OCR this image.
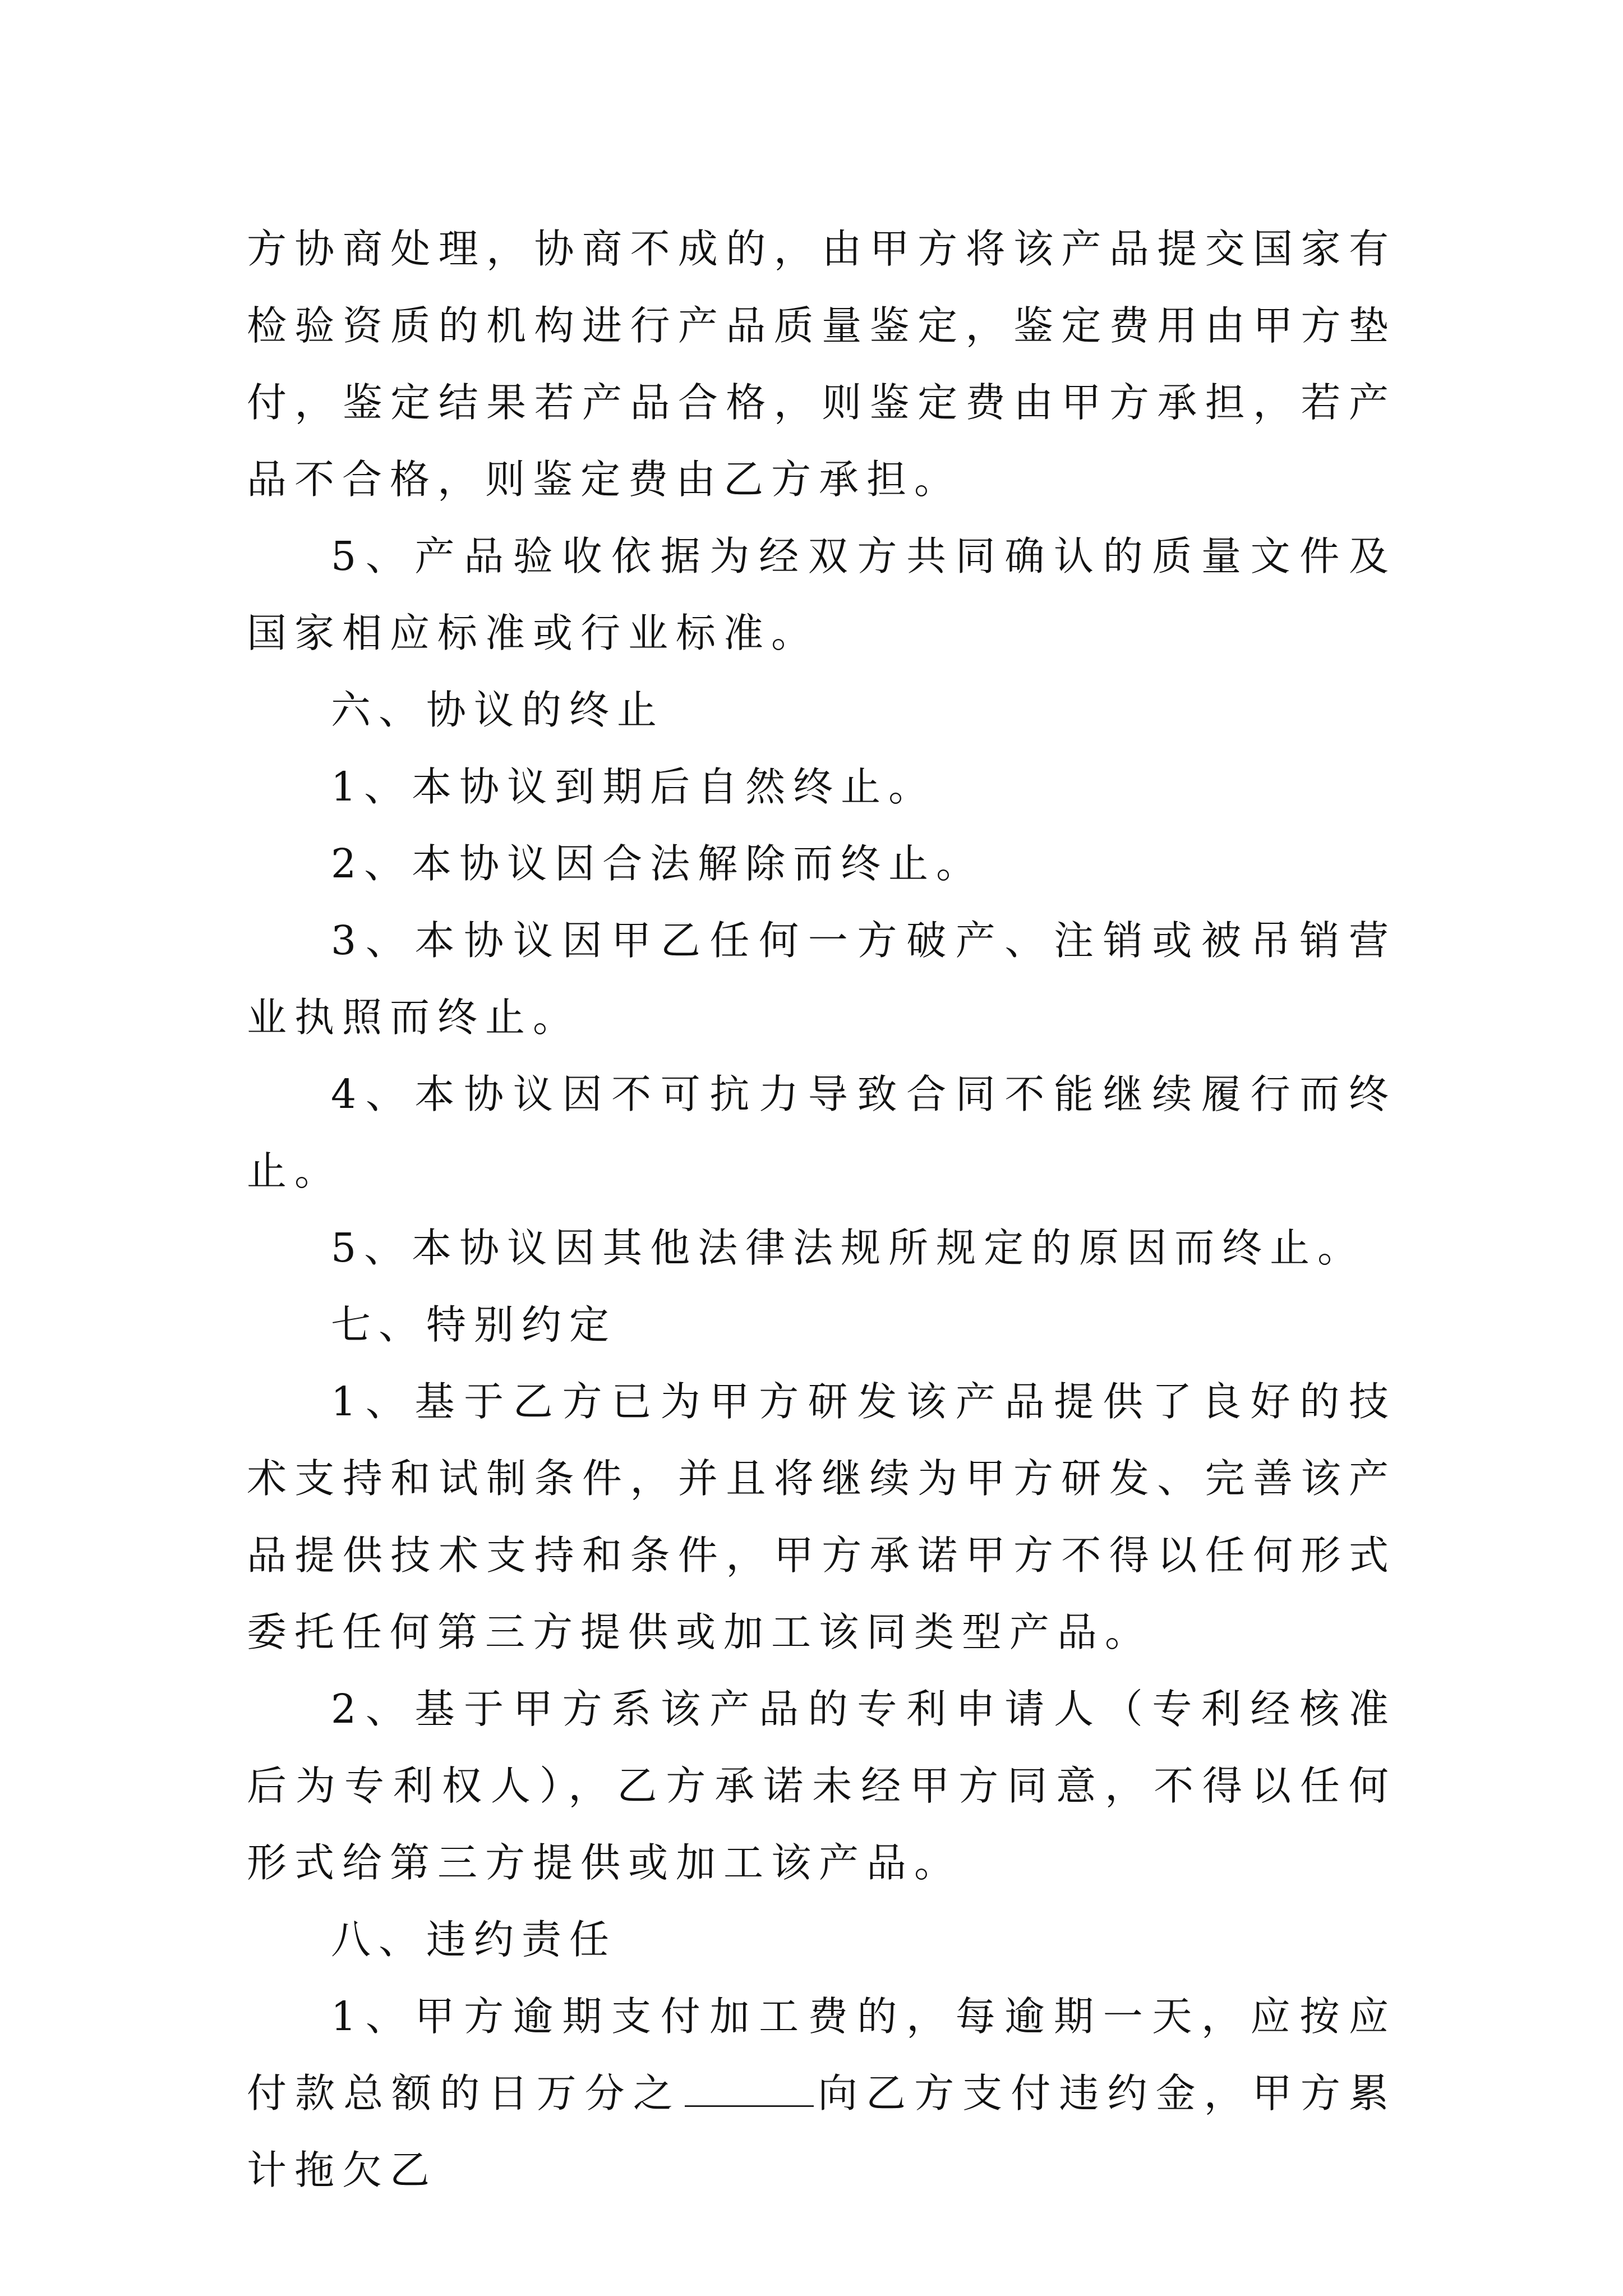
方协商处理，协商不成的，由甲方将该产品提交国家有检验资质的机构进行产品质量鉴定，鉴定费用由甲方垫付，鉴定结果若产品合格，则鉴定费由甲方承担，若产品不合格，则鉴定费由乙方承担。

5、产品验收依据为经双方共同确认的质量文件及国家相应标准或行业标准。

六、协议的终止

1、本协议到期后自然终止。

2、本协议因合法解除而终止。

3、本协议因甲乙任何一方破产、注销或被吊销营业执照而终止。

4、本协议因不可抗力导致合同不能继续履行而终止。

5、本协议因其他法律法规所规定的原因而终止。

七、特别约定

1、基于乙方已为甲方研发该产品提供了良好的技术支持和试制条件，并且将继续为甲方研发、完善该产品提供技术支持和条件，甲方承诺甲方不得以任何形式委托任何第三方提供或加工该同类型产品。

2、基于甲方系该产品的专利申请人（专利经核准后为专利权人），乙方承诺未经甲方同意，不得以任何形式给第三方提供或加工该产品。

八、违约责任

1、甲方逾期支付加工费的，每逾期一天，应按应付款总额的日万分之	向乙方支付违约金，甲方累计拖欠乙
